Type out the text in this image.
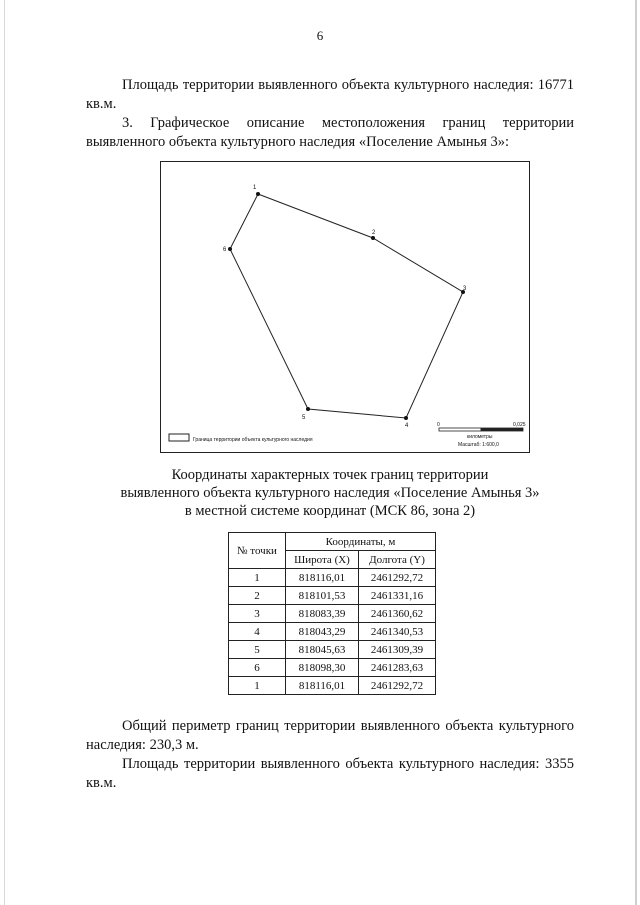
6

Площадь территории выявленного объекта культурного наследия: 16771 кв.м.

3. Графическое описание местоположения границ территории выявленного объекта культурного наследия «Поселение Амынья 3»:

1
2
3
4
5
6
Граница территории объекта культурного наследия
0	0,025
километры
Масштаб: 1:600,0
Координаты характерных точек границ территории
выявленного объекта культурного наследия «Поселение Амынья 3»
в местной системе координат (МСК 86, зона 2)
№ точки	Координаты, м	
	Широта (X)	Долгота (Y)
1	818116,01	2461292,72
2	818101,53	2461331,16
3	818083,39	2461360,62
4	818043,29	2461340,53
5	818045,63	2461309,39
6	818098,30	2461283,63
1	818116,01	2461292,72

Общий периметр границ территории выявленного объекта культурного наследия: 230,3 м.

Площадь территории выявленного объекта культурного наследия: 3355 кв.м.
